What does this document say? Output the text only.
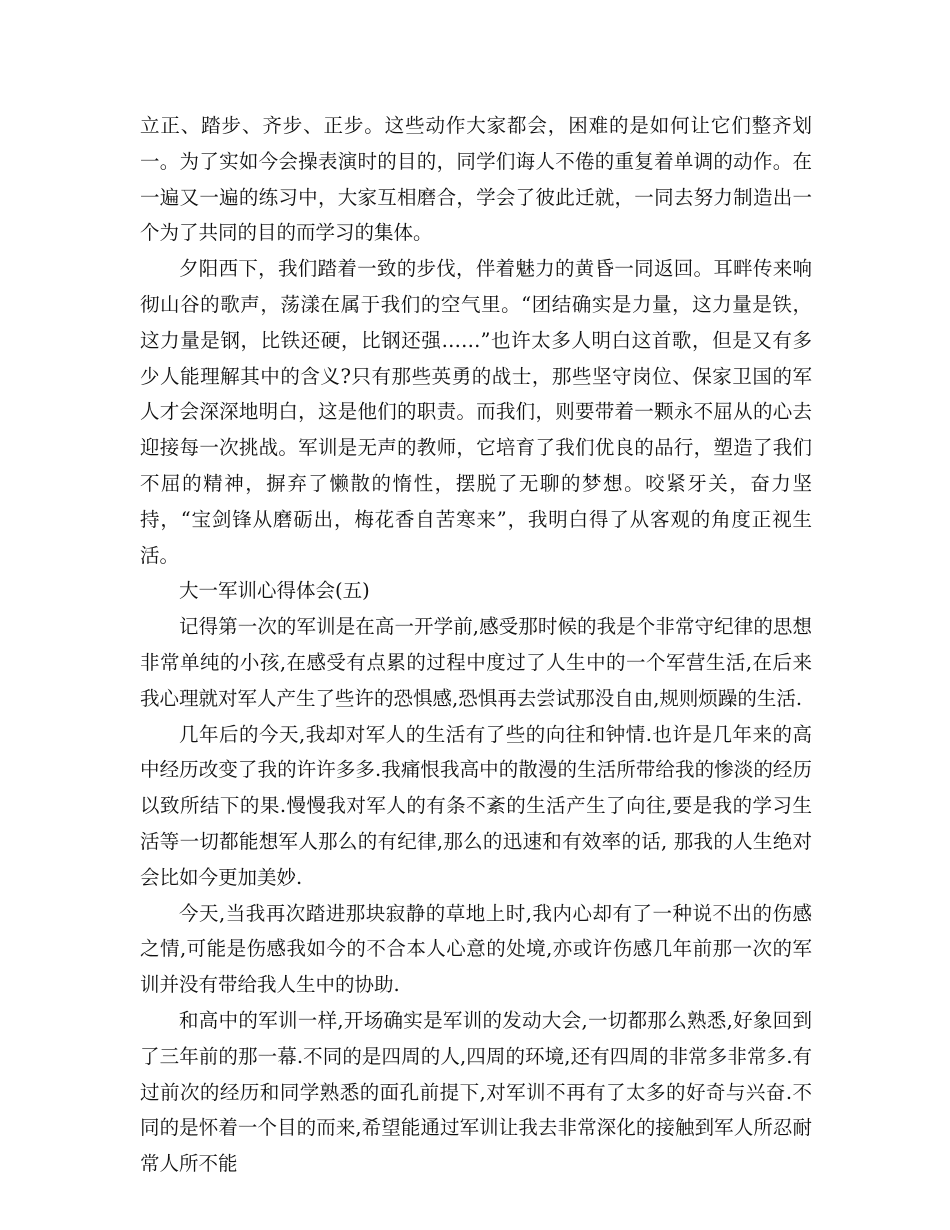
立正、踏步、齐步、正步。这些动作大家都会，困难的是如何让它们整齐划一。为了实如今会操表演时的目的，同学们诲人不倦的重复着单调的动作。在一遍又一遍的练习中，大家互相磨合，学会了彼此迁就，一同去努力制造出一个为了共同的目的而学习的集体。

夕阳西下，我们踏着一致的步伐，伴着魅力的黄昏一同返回。耳畔传来响彻山谷的歌声，荡漾在属于我们的空气里。“团结确实是力量，这力量是铁，这力量是钢，比铁还硬，比钢还强……”也许太多人明白这首歌，但是又有多少人能理解其中的含义?只有那些英勇的战士，那些坚守岗位、保家卫国的军人才会深深地明白，这是他们的职责。而我们，则要带着一颗永不屈从的心去迎接每一次挑战。军训是无声的教师，它培育了我们优良的品行，塑造了我们不屈的精神，摒弃了懒散的惰性，摆脱了无聊的梦想。咬紧牙关，奋力坚持，“宝剑锋从磨砺出，梅花香自苦寒来”，我明白得了从客观的角度正视生活。

大一军训心得体会(五)

记得第一次的军训是在高一开学前,感受那时候的我是个非常守纪律的思想非常单纯的小孩,在感受有点累的过程中度过了人生中的一个军营生活,在后来我心理就对军人产生了些许的恐惧感,恐惧再去尝试那没自由,规则烦躁的生活.

几年后的今天,我却对军人的生活有了些的向往和钟情.也许是几年来的高中经历改变了我的许许多多.我痛恨我高中的散漫的生活所带给我的惨淡的经历以致所结下的果.慢慢我对军人的有条不紊的生活产生了向往,要是我的学习生活等一切都能想军人那么的有纪律,那么的迅速和有效率的话, 那我的人生绝对会比如今更加美妙.

今天,当我再次踏进那块寂静的草地上时,我内心却有了一种说不出的伤感之情,可能是伤感我如今的不合本人心意的处境,亦或许伤感几年前那一次的军训并没有带给我人生中的协助.

和高中的军训一样,开场确实是军训的发动大会,一切都那么熟悉,好象回到了三年前的那一幕.不同的是四周的人,四周的环境,还有四周的非常多非常多.有过前次的经历和同学熟悉的面孔前提下,对军训不再有了太多的好奇与兴奋.不同的是怀着一个目的而来,希望能通过军训让我去非常深化的接触到军人所忍耐常人所不能
